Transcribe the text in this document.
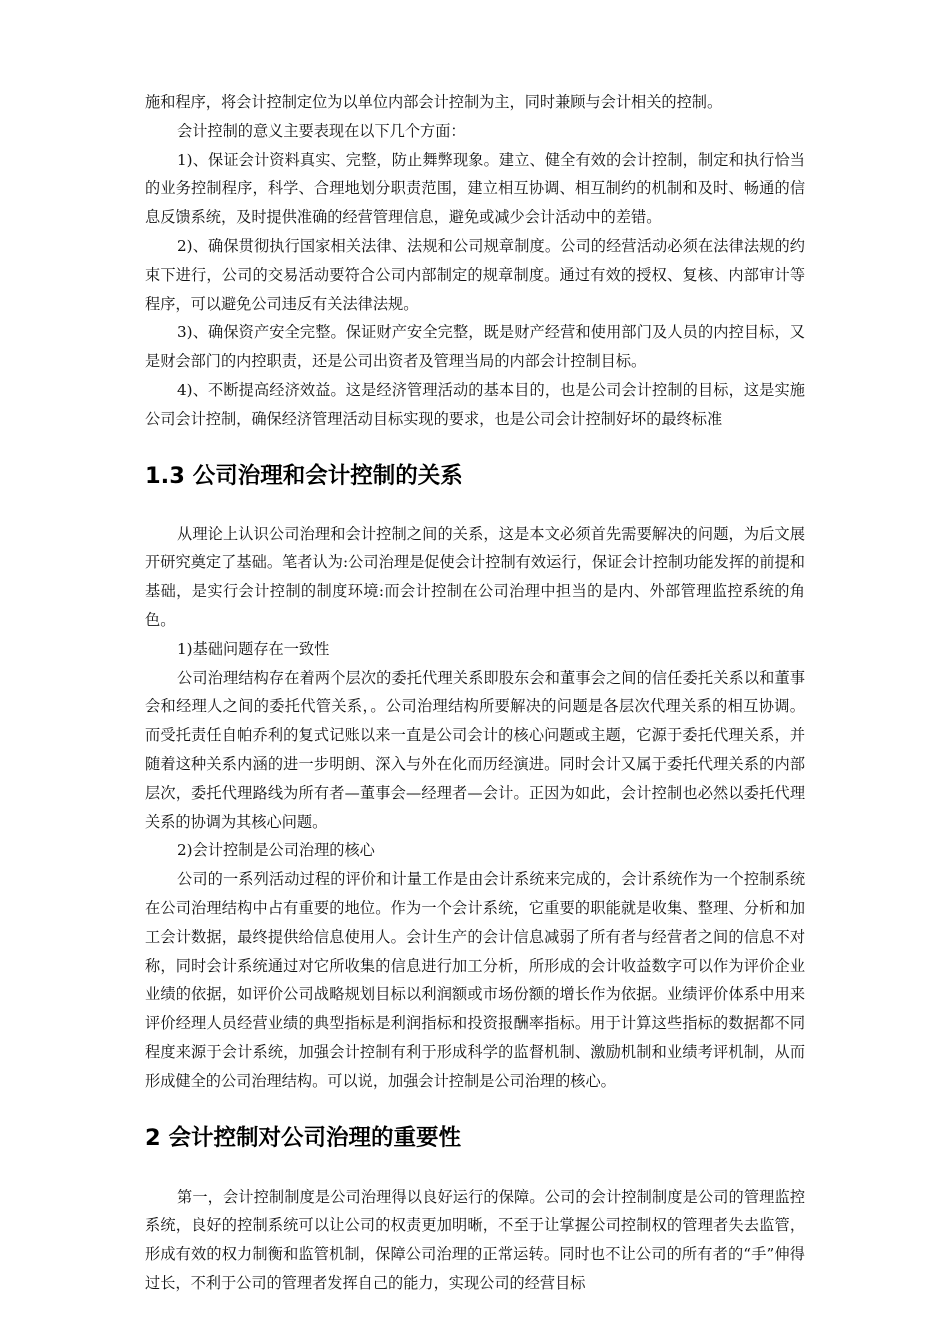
施和程序，将会计控制定位为以单位内部会计控制为主，同时兼顾与会计相关的控制。

会计控制的意义主要表现在以下几个方面：

1)、保证会计资料真实、完整，防止舞弊现象。建立、健全有效的会计控制，制定和执行恰当的业务控制程序，科学、合理地划分职责范围，建立相互协调、相互制约的机制和及时、畅通的信息反馈系统，及时提供准确的经营管理信息，避免或减少会计活动中的差错。

2)、确保贯彻执行国家相关法律、法规和公司规章制度。公司的经营活动必须在法律法规的约束下进行，公司的交易活动要符合公司内部制定的规章制度。通过有效的授权、复核、内部审计等程序，可以避免公司违反有关法律法规。

3)、确保资产安全完整。保证财产安全完整，既是财产经营和使用部门及人员的内控目标，又是财会部门的内控职责，还是公司出资者及管理当局的内部会计控制目标。

4)、不断提高经济效益。这是经济管理活动的基本目的，也是公司会计控制的目标，这是实施公司会计控制，确保经济管理活动目标实现的要求，也是公司会计控制好坏的最终标准

1.3 公司治理和会计控制的关系

从理论上认识公司治理和会计控制之间的关系，这是本文必须首先需要解决的问题，为后文展开研究奠定了基础。笔者认为:公司治理是促使会计控制有效运行，保证会计控制功能发挥的前提和基础，是实行会计控制的制度环境:而会计控制在公司治理中担当的是内、外部管理监控系统的角色。

1)基础问题存在一致性

公司治理结构存在着两个层次的委托代理关系即股东会和董事会之间的信任委托关系以和董事会和经理人之间的委托代管关系，。公司治理结构所要解决的问题是各层次代理关系的相互协调。而受托责任自帕乔利的复式记账以来一直是公司会计的核心问题或主题，它源于委托代理关系，并随着这种关系内涵的进一步明朗、深入与外在化而历经演进。同时会计又属于委托代理关系的内部层次，委托代理路线为所有者—董事会—经理者—会计。正因为如此，会计控制也必然以委托代理关系的协调为其核心问题。

2)会计控制是公司治理的核心

公司的一系列活动过程的评价和计量工作是由会计系统来完成的，会计系统作为一个控制系统在公司治理结构中占有重要的地位。作为一个会计系统，它重要的职能就是收集、整理、分析和加工会计数据，最终提供给信息使用人。会计生产的会计信息减弱了所有者与经营者之间的信息不对称，同时会计系统通过对它所收集的信息进行加工分析，所形成的会计收益数字可以作为评价企业业绩的依据，如评价公司战略规划目标以利润额或市场份额的增长作为依据。业绩评价体系中用来评价经理人员经营业绩的典型指标是利润指标和投资报酬率指标。用于计算这些指标的数据都不同程度来源于会计系统，加强会计控制有利于形成科学的监督机制、激励机制和业绩考评机制，从而形成健全的公司治理结构。可以说，加强会计控制是公司治理的核心。

2 会计控制对公司治理的重要性

第一，会计控制制度是公司治理得以良好运行的保障。公司的会计控制制度是公司的管理监控系统，良好的控制系统可以让公司的权责更加明晰，不至于让掌握公司控制权的管理者失去监管，形成有效的权力制衡和监管机制，保障公司治理的正常运转。同时也不让公司的所有者的“手”伸得过长，不利于公司的管理者发挥自己的能力，实现公司的经营目标
